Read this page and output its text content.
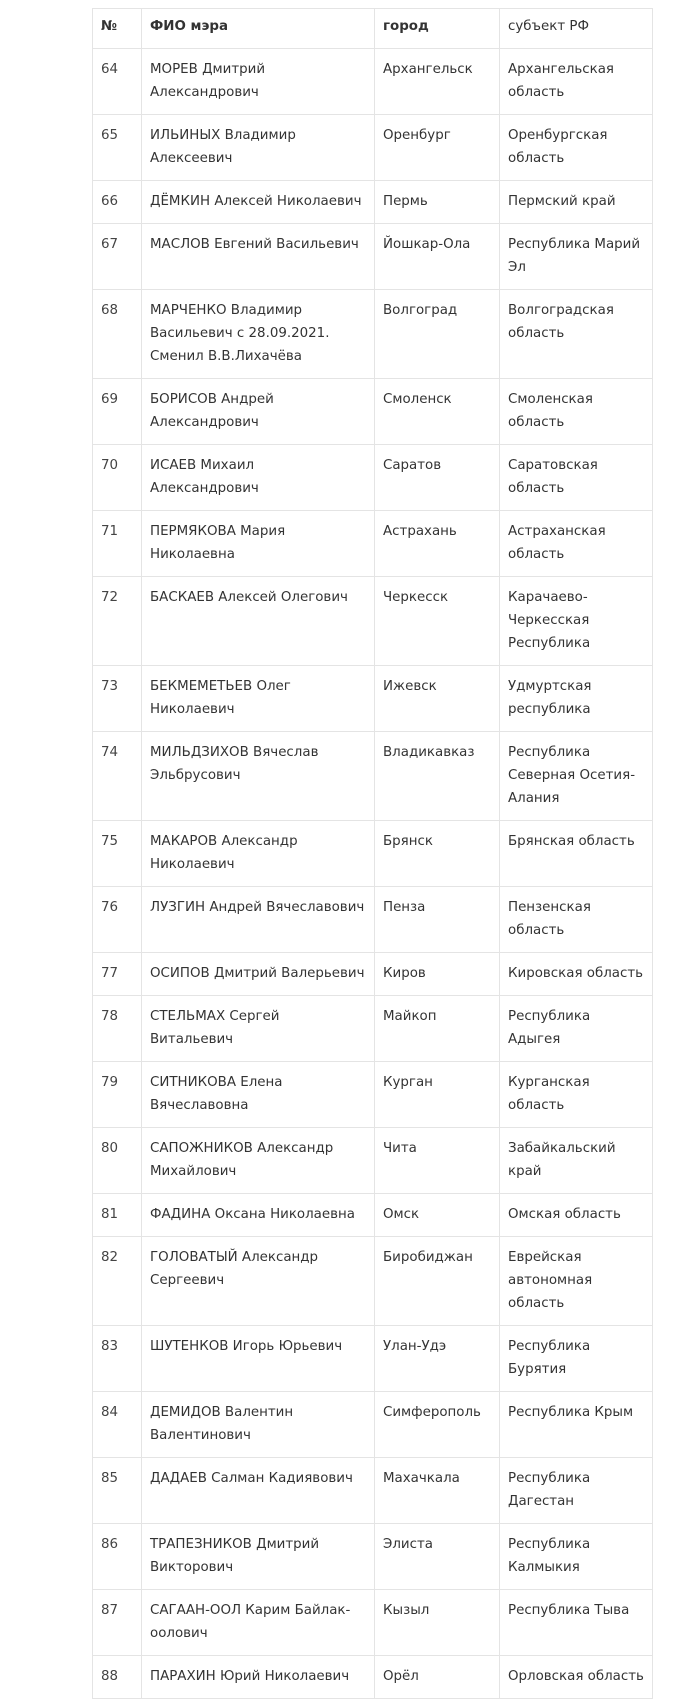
№	ФИО мэра	город	субъект РФ
64	МОРЕВ Дмитрий Александрович	Архангельск	Архангельская область
65	ИЛЬИНЫХ Владимир Алексеевич	Оренбург	Оренбургская область
66	ДЁМКИН Алексей Николаевич	Пермь	Пермский край
67	МАСЛОВ Евгений Васильевич	Йошкар-Ола	Республика Марий Эл
68	МАРЧЕНКО Владимир Васильевич с 28.09.2021. Сменил В.В.Лихачёва	Волгоград	Волгоградская область
69	БОРИСОВ Андрей Александрович	Смоленск	Смоленская область
70	ИСАЕВ Михаил Александрович	Саратов	Саратовская область
71	ПЕРМЯКОВА Мария Николаевна	Астрахань	Астраханская область
72	БАСКАЕВ Алексей Олегович	Черкесск	Карачаево-Черкесская Республика
73	БЕКМЕМЕТЬЕВ Олег Николаевич	Ижевск	Удмуртская республика
74	МИЛЬДЗИХОВ Вячеслав Эльбрусович	Владикавказ	Республика Северная Осетия-Алания
75	МАКАРОВ Александр Николаевич	Брянск	Брянская область
76	ЛУЗГИН Андрей Вячеславович	Пенза	Пензенская область
77	ОСИПОВ Дмитрий Валерьевич	Киров	Кировская область
78	СТЕЛЬМАХ Сергей Витальевич	Майкоп	Республика Адыгея
79	СИТНИКОВА Елена Вячеславовна	Курган	Курганская область
80	САПОЖНИКОВ Александр Михайлович	Чита	Забайкальский край
81	ФАДИНА Оксана Николаевна	Омск	Омская область
82	ГОЛОВАТЫЙ Александр Сергеевич	Биробиджан	Еврейская автономная область
83	ШУТЕНКОВ Игорь Юрьевич	Улан-Удэ	Республика Бурятия
84	ДЕМИДОВ Валентин Валентинович	Симферополь	Республика Крым
85	ДАДАЕВ Салман Кадиявович	Махачкала	Республика Дагестан
86	ТРАПЕЗНИКОВ Дмитрий Викторович	Элиста	Республика Калмыкия
87	САГААН-ООЛ Карим Байлак-оолович	Кызыл	Республика Тыва
88	ПАРАХИН Юрий Николаевич	Орёл	Орловская область
